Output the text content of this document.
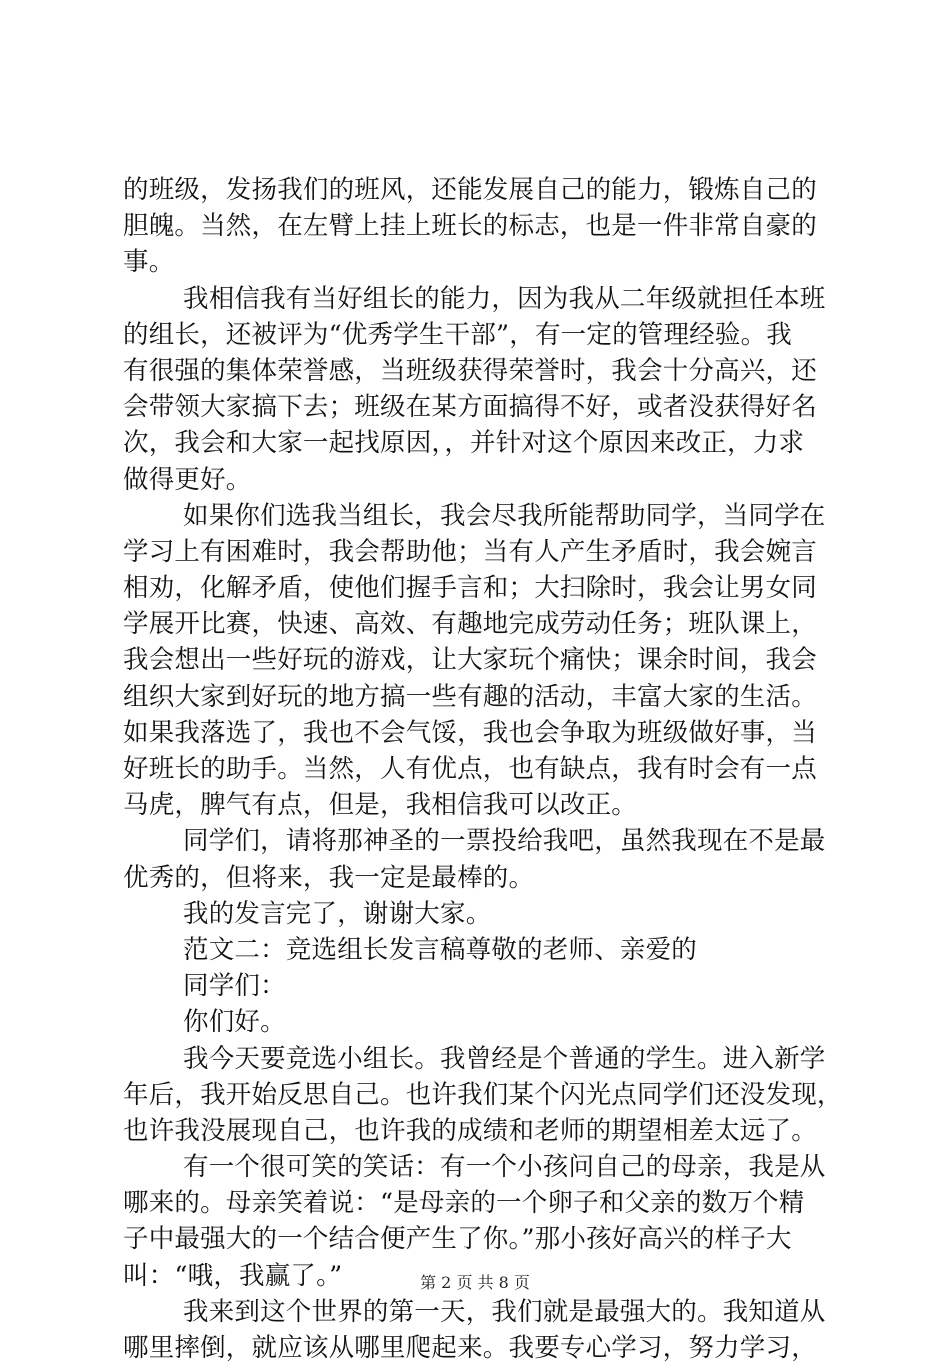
的班级，发扬我们的班风，还能发展自己的能力，锻炼自己的
胆魄。当然，在左臂上挂上班长的标志，也是一件非常自豪的
事。
我相信我有当好组长的能力，因为我从二年级就担任本班
的组长，还被评为“优秀学生干部”，有一定的管理经验。我
有很强的集体荣誉感，当班级获得荣誉时，我会十分高兴，还
会带领大家搞下去；班级在某方面搞得不好，或者没获得好名
次，我会和大家一起找原因，，并针对这个原因来改正，力求
做得更好。
如果你们选我当组长，我会尽我所能帮助同学，当同学在
学习上有困难时，我会帮助他；当有人产生矛盾时，我会婉言
相劝，化解矛盾，使他们握手言和；大扫除时，我会让男女同
学展开比赛，快速、高效、有趣地完成劳动任务；班队课上，
我会想出一些好玩的游戏，让大家玩个痛快；课余时间，我会
组织大家到好玩的地方搞一些有趣的活动，丰富大家的生活。
如果我落选了，我也不会气馁，我也会争取为班级做好事，当
好班长的助手。当然，人有优点，也有缺点，我有时会有一点
马虎，脾气有点，但是，我相信我可以改正。
同学们，请将那神圣的一票投给我吧，虽然我现在不是最
优秀的，但将来，我一定是最棒的。
我的发言完了，谢谢大家。
范文二：竞选组长发言稿尊敬的老师、亲爱的
同学们：
你们好。
我今天要竞选小组长。我曾经是个普通的学生。进入新学
年后，我开始反思自己。也许我们某个闪光点同学们还没发现，
也许我没展现自己，也许我的成绩和老师的期望相差太远了。
有一个很可笑的笑话：有一个小孩问自己的母亲，我是从
哪来的。母亲笑着说：“是母亲的一个卵子和父亲的数万个精
子中最强大的一个结合便产生了你。”那小孩好高兴的样子大
叫：“哦，我赢了。”
我来到这个世界的第一天，我们就是最强大的。我知道从
哪里摔倒，就应该从哪里爬起来。我要专心学习，努力学习，
第 2 页 共 8 页
